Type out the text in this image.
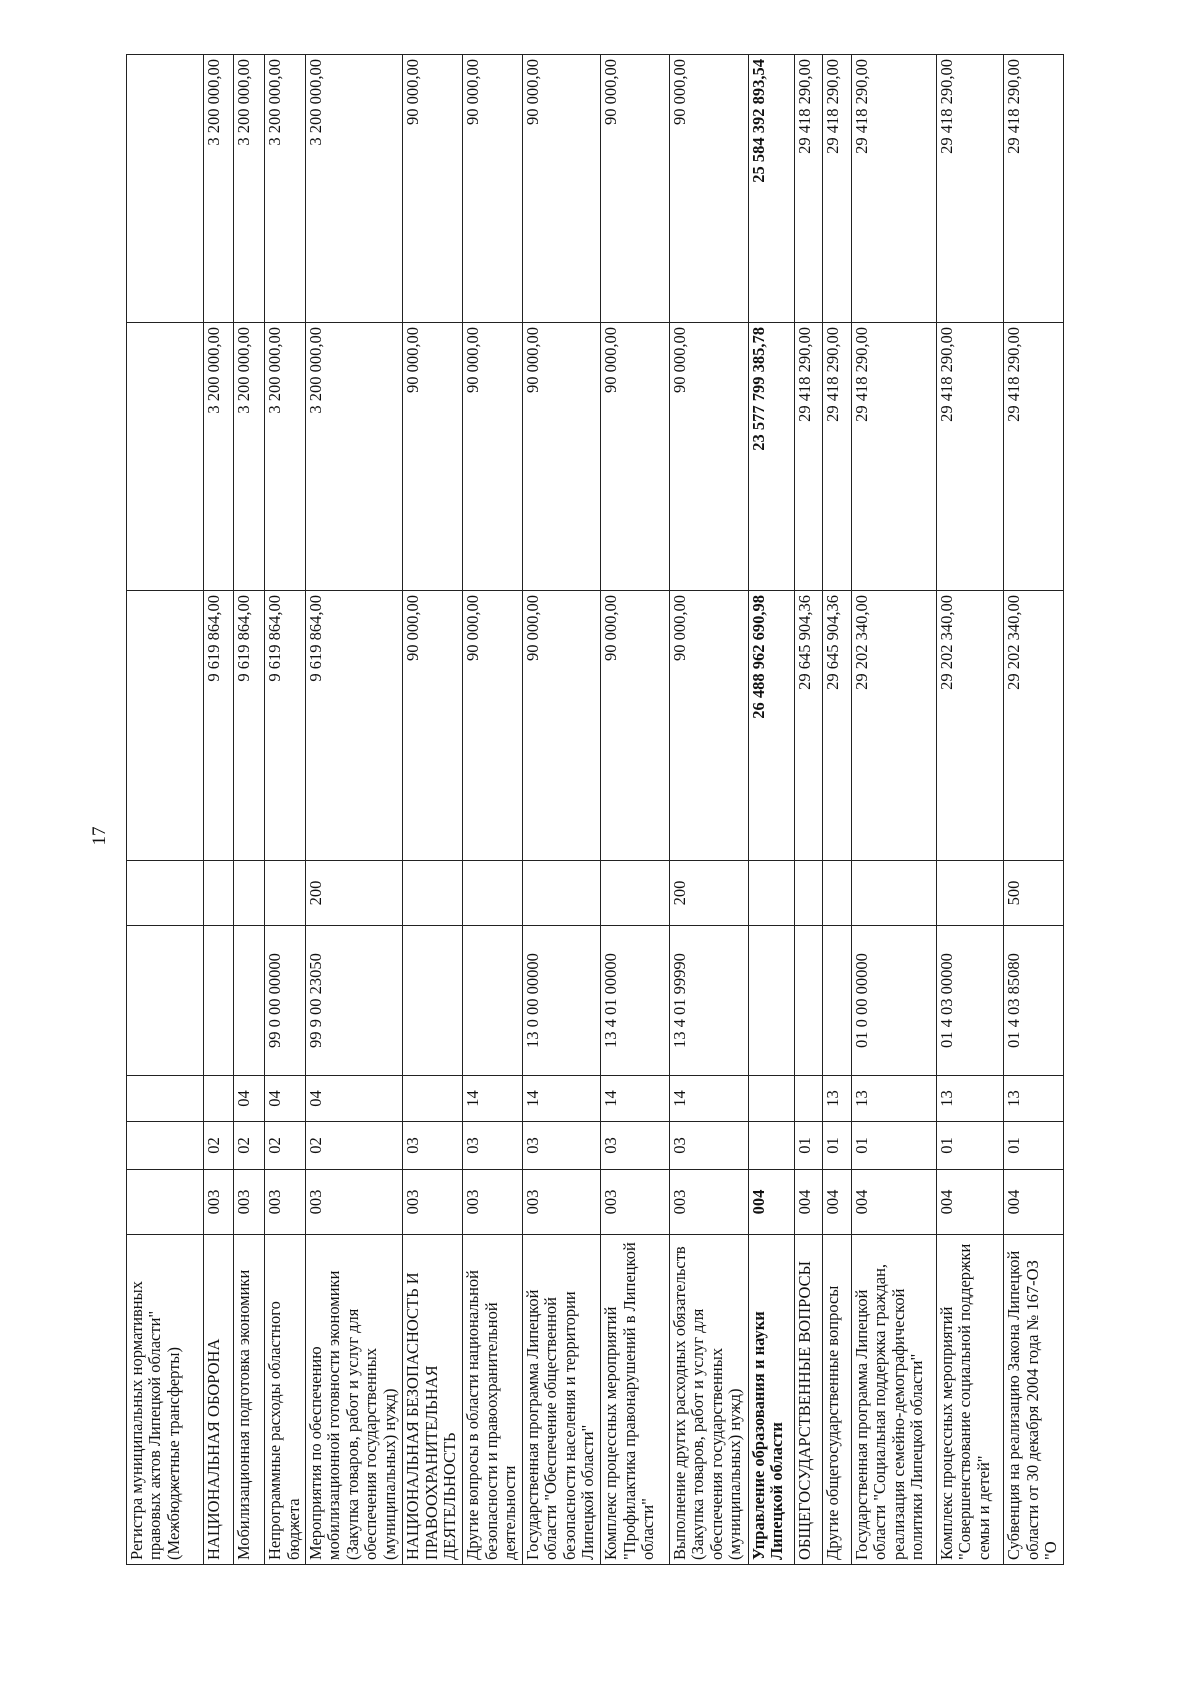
17
Регистра муниципальных нормативных правовых актов Липецкой области" (Межбюджетные трансферты)								
НАЦИОНАЛЬНАЯ ОБОРОНА	003	02				9 619 864,00	3 200 000,00	3 200 000,00
Мобилизационная подготовка экономики	003	02	04			9 619 864,00	3 200 000,00	3 200 000,00
Непрограммные расходы областного бюджета	003	02	04	99 0 00 00000		9 619 864,00	3 200 000,00	3 200 000,00
Мероприятия по обеспечению мобилизационной готовности экономики (Закупка товаров, работ и услуг для обеспечения государственных (муниципальных) нужд)	003	02	04	99 9 00 23050	200	9 619 864,00	3 200 000,00	3 200 000,00
НАЦИОНАЛЬНАЯ БЕЗОПАСНОСТЬ И ПРАВООХРАНИТЕЛЬНАЯ ДЕЯТЕЛЬНОСТЬ	003	03				90 000,00	90 000,00	90 000,00
Другие вопросы в области национальной безопасности и правоохранительной деятельности	003	03	14			90 000,00	90 000,00	90 000,00
Государственная программа Липецкой области "Обеспечение общественной безопасности населения и территории Липецкой области"	003	03	14	13 0 00 00000		90 000,00	90 000,00	90 000,00
Комплекс процессных мероприятий "Профилактика правонарушений в Липецкой области"	003	03	14	13 4 01 00000		90 000,00	90 000,00	90 000,00
Выполнение других расходных обязательств (Закупка товаров, работ и услуг для обеспечения государственных (муниципальных) нужд)	003	03	14	13 4 01 99990	200	90 000,00	90 000,00	90 000,00
Управление образования и науки Липецкой области	004					26 488 962 690,98	23 577 799 385,78	25 584 392 893,54
ОБЩЕГОСУДАРСТВЕННЫЕ ВОПРОСЫ	004	01				29 645 904,36	29 418 290,00	29 418 290,00
Другие общегосударственные вопросы	004	01	13			29 645 904,36	29 418 290,00	29 418 290,00
Государственная программа Липецкой области "Социальная поддержка граждан, реализация семейно-демографической политики Липецкой области"	004	01	13	01 0 00 00000		29 202 340,00	29 418 290,00	29 418 290,00
Комплекс процессных мероприятий "Совершенствование социальной поддержки семьи и детей"	004	01	13	01 4 03 00000		29 202 340,00	29 418 290,00	29 418 290,00
Субвенция на реализацию Закона Липецкой области от 30 декабря 2004 года № 167-ОЗ "О	004	01	13	01 4 03 85080	500	29 202 340,00	29 418 290,00	29 418 290,00
